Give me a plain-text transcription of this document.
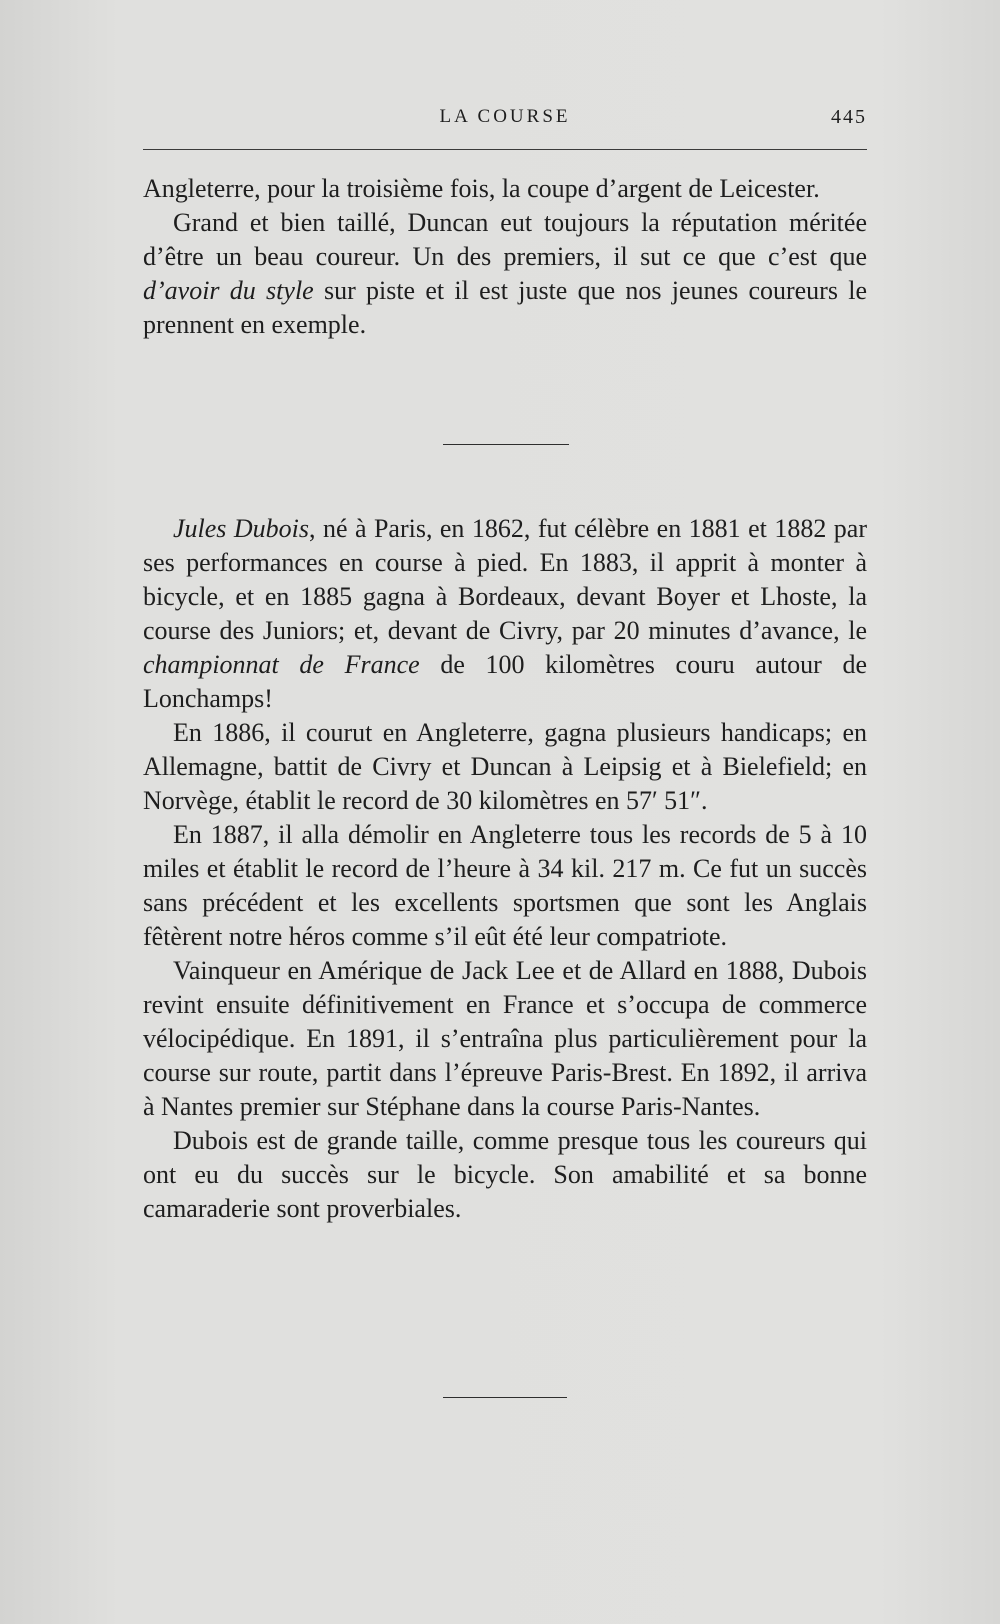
LA COURSE	445

Angleterre, pour la troisième fois, la coupe d’argent de Leicester.

Grand et bien taillé, Duncan eut toujours la réputation méritée d’être un beau coureur. Un des premiers, il sut ce que c’est que d’avoir du style sur piste et il est juste que nos jeunes coureurs le prennent en exemple.

Jules Dubois, né à Paris, en 1862, fut célèbre en 1881 et 1882 par ses performances en course à pied. En 1883, il apprit à monter à bicycle, et en 1885 gagna à Bordeaux, devant Boyer et Lhoste, la course des Juniors; et, devant de Civry, par 20 minutes d’avance, le championnat de France de 100 kilomètres couru autour de Lonchamps!

En 1886, il courut en Angleterre, gagna plusieurs handicaps; en Allemagne, battit de Civry et Duncan à Leipsig et à Bielefield; en Norvège, établit le record de 30 kilomètres en 57′ 51″.

En 1887, il alla démolir en Angleterre tous les records de 5 à 10 miles et établit le record de l’heure à 34 kil. 217 m. Ce fut un succès sans précédent et les excellents sportsmen que sont les Anglais fêtèrent notre héros comme s’il eût été leur compatriote.

Vainqueur en Amérique de Jack Lee et de Allard en 1888, Dubois revint ensuite définitivement en France et s’occupa de commerce vélocipédique. En 1891, il s’entraîna plus particulièrement pour la course sur route, partit dans l’épreuve Paris-Brest. En 1892, il arriva à Nantes premier sur Stéphane dans la course Paris-Nantes.

Dubois est de grande taille, comme presque tous les coureurs qui ont eu du succès sur le bicycle. Son amabilité et sa bonne camaraderie sont proverbiales.
